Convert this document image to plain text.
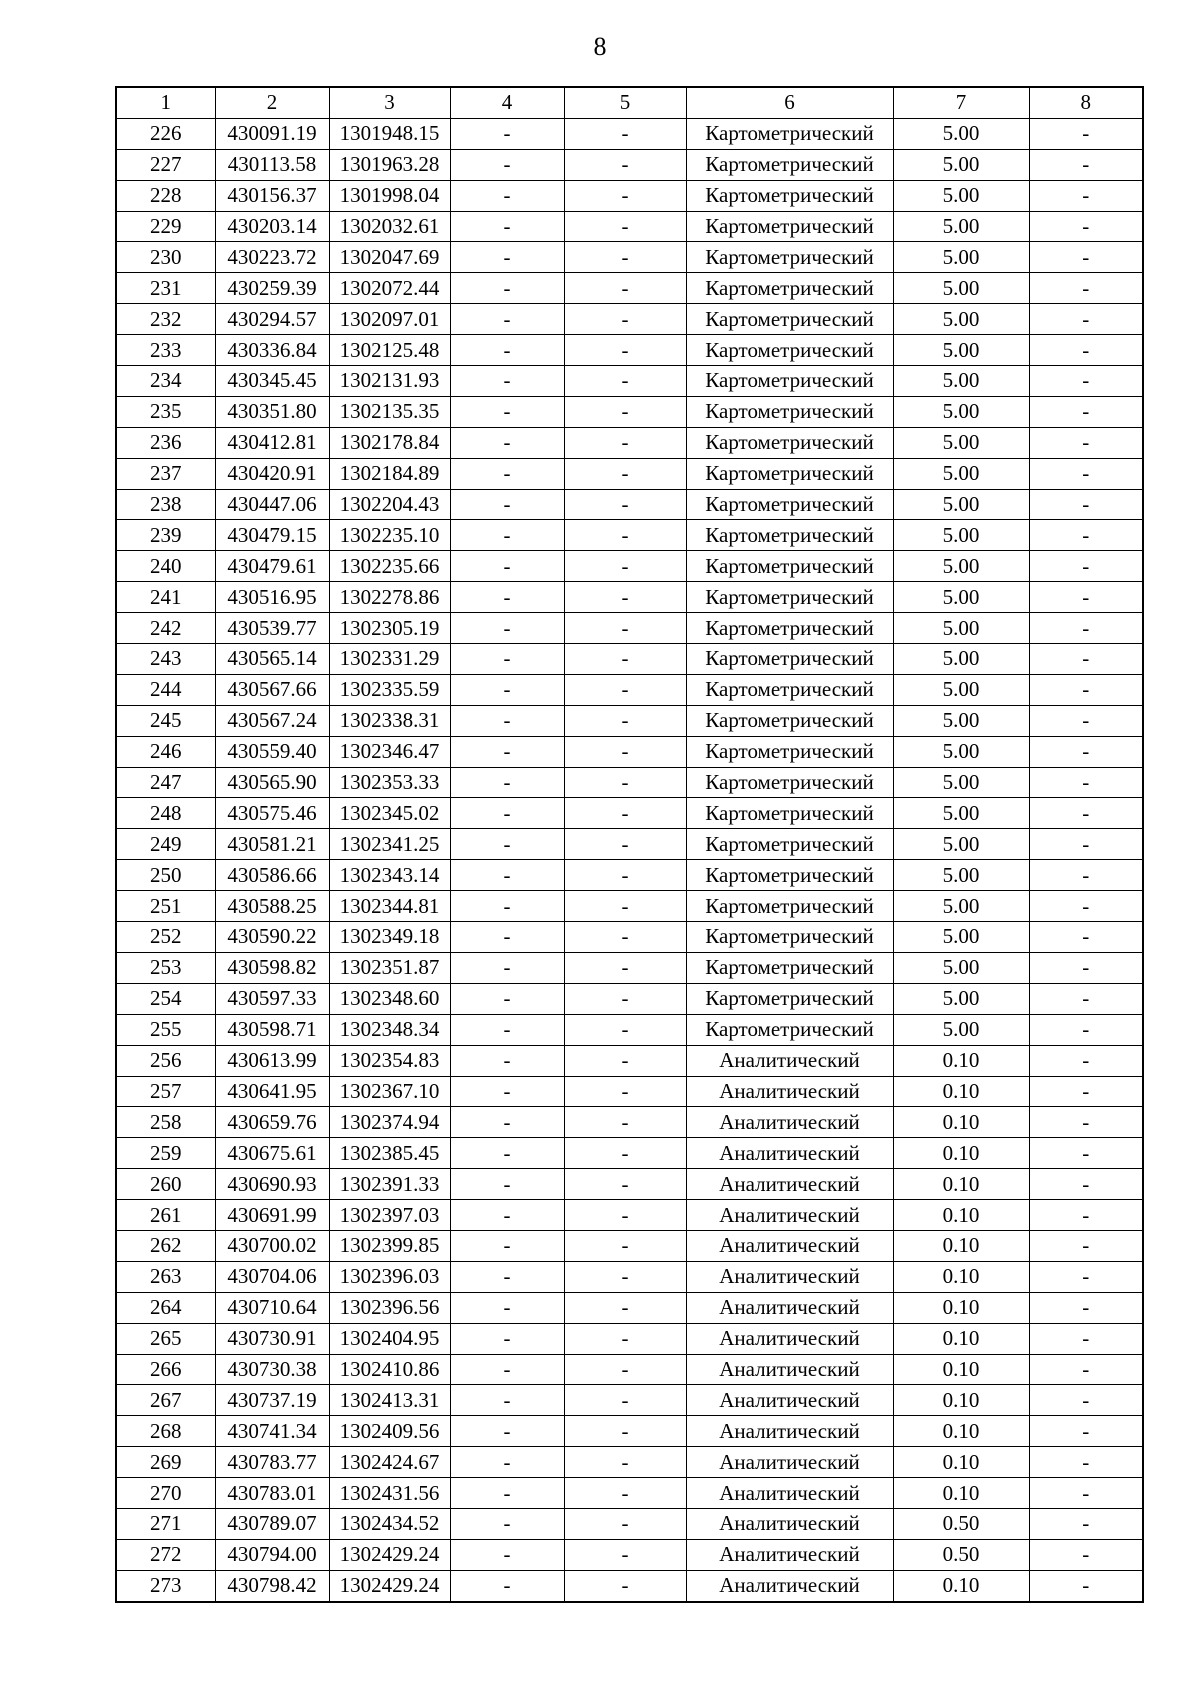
8
1	2	3	4	5	6	7	8
226	430091.19	1301948.15	-	-	Картометрический	5.00	-
227	430113.58	1301963.28	-	-	Картометрический	5.00	-
228	430156.37	1301998.04	-	-	Картометрический	5.00	-
229	430203.14	1302032.61	-	-	Картометрический	5.00	-
230	430223.72	1302047.69	-	-	Картометрический	5.00	-
231	430259.39	1302072.44	-	-	Картометрический	5.00	-
232	430294.57	1302097.01	-	-	Картометрический	5.00	-
233	430336.84	1302125.48	-	-	Картометрический	5.00	-
234	430345.45	1302131.93	-	-	Картометрический	5.00	-
235	430351.80	1302135.35	-	-	Картометрический	5.00	-
236	430412.81	1302178.84	-	-	Картометрический	5.00	-
237	430420.91	1302184.89	-	-	Картометрический	5.00	-
238	430447.06	1302204.43	-	-	Картометрический	5.00	-
239	430479.15	1302235.10	-	-	Картометрический	5.00	-
240	430479.61	1302235.66	-	-	Картометрический	5.00	-
241	430516.95	1302278.86	-	-	Картометрический	5.00	-
242	430539.77	1302305.19	-	-	Картометрический	5.00	-
243	430565.14	1302331.29	-	-	Картометрический	5.00	-
244	430567.66	1302335.59	-	-	Картометрический	5.00	-
245	430567.24	1302338.31	-	-	Картометрический	5.00	-
246	430559.40	1302346.47	-	-	Картометрический	5.00	-
247	430565.90	1302353.33	-	-	Картометрический	5.00	-
248	430575.46	1302345.02	-	-	Картометрический	5.00	-
249	430581.21	1302341.25	-	-	Картометрический	5.00	-
250	430586.66	1302343.14	-	-	Картометрический	5.00	-
251	430588.25	1302344.81	-	-	Картометрический	5.00	-
252	430590.22	1302349.18	-	-	Картометрический	5.00	-
253	430598.82	1302351.87	-	-	Картометрический	5.00	-
254	430597.33	1302348.60	-	-	Картометрический	5.00	-
255	430598.71	1302348.34	-	-	Картометрический	5.00	-
256	430613.99	1302354.83	-	-	Аналитический	0.10	-
257	430641.95	1302367.10	-	-	Аналитический	0.10	-
258	430659.76	1302374.94	-	-	Аналитический	0.10	-
259	430675.61	1302385.45	-	-	Аналитический	0.10	-
260	430690.93	1302391.33	-	-	Аналитический	0.10	-
261	430691.99	1302397.03	-	-	Аналитический	0.10	-
262	430700.02	1302399.85	-	-	Аналитический	0.10	-
263	430704.06	1302396.03	-	-	Аналитический	0.10	-
264	430710.64	1302396.56	-	-	Аналитический	0.10	-
265	430730.91	1302404.95	-	-	Аналитический	0.10	-
266	430730.38	1302410.86	-	-	Аналитический	0.10	-
267	430737.19	1302413.31	-	-	Аналитический	0.10	-
268	430741.34	1302409.56	-	-	Аналитический	0.10	-
269	430783.77	1302424.67	-	-	Аналитический	0.10	-
270	430783.01	1302431.56	-	-	Аналитический	0.10	-
271	430789.07	1302434.52	-	-	Аналитический	0.50	-
272	430794.00	1302429.24	-	-	Аналитический	0.50	-
273	430798.42	1302429.24	-	-	Аналитический	0.10	-
